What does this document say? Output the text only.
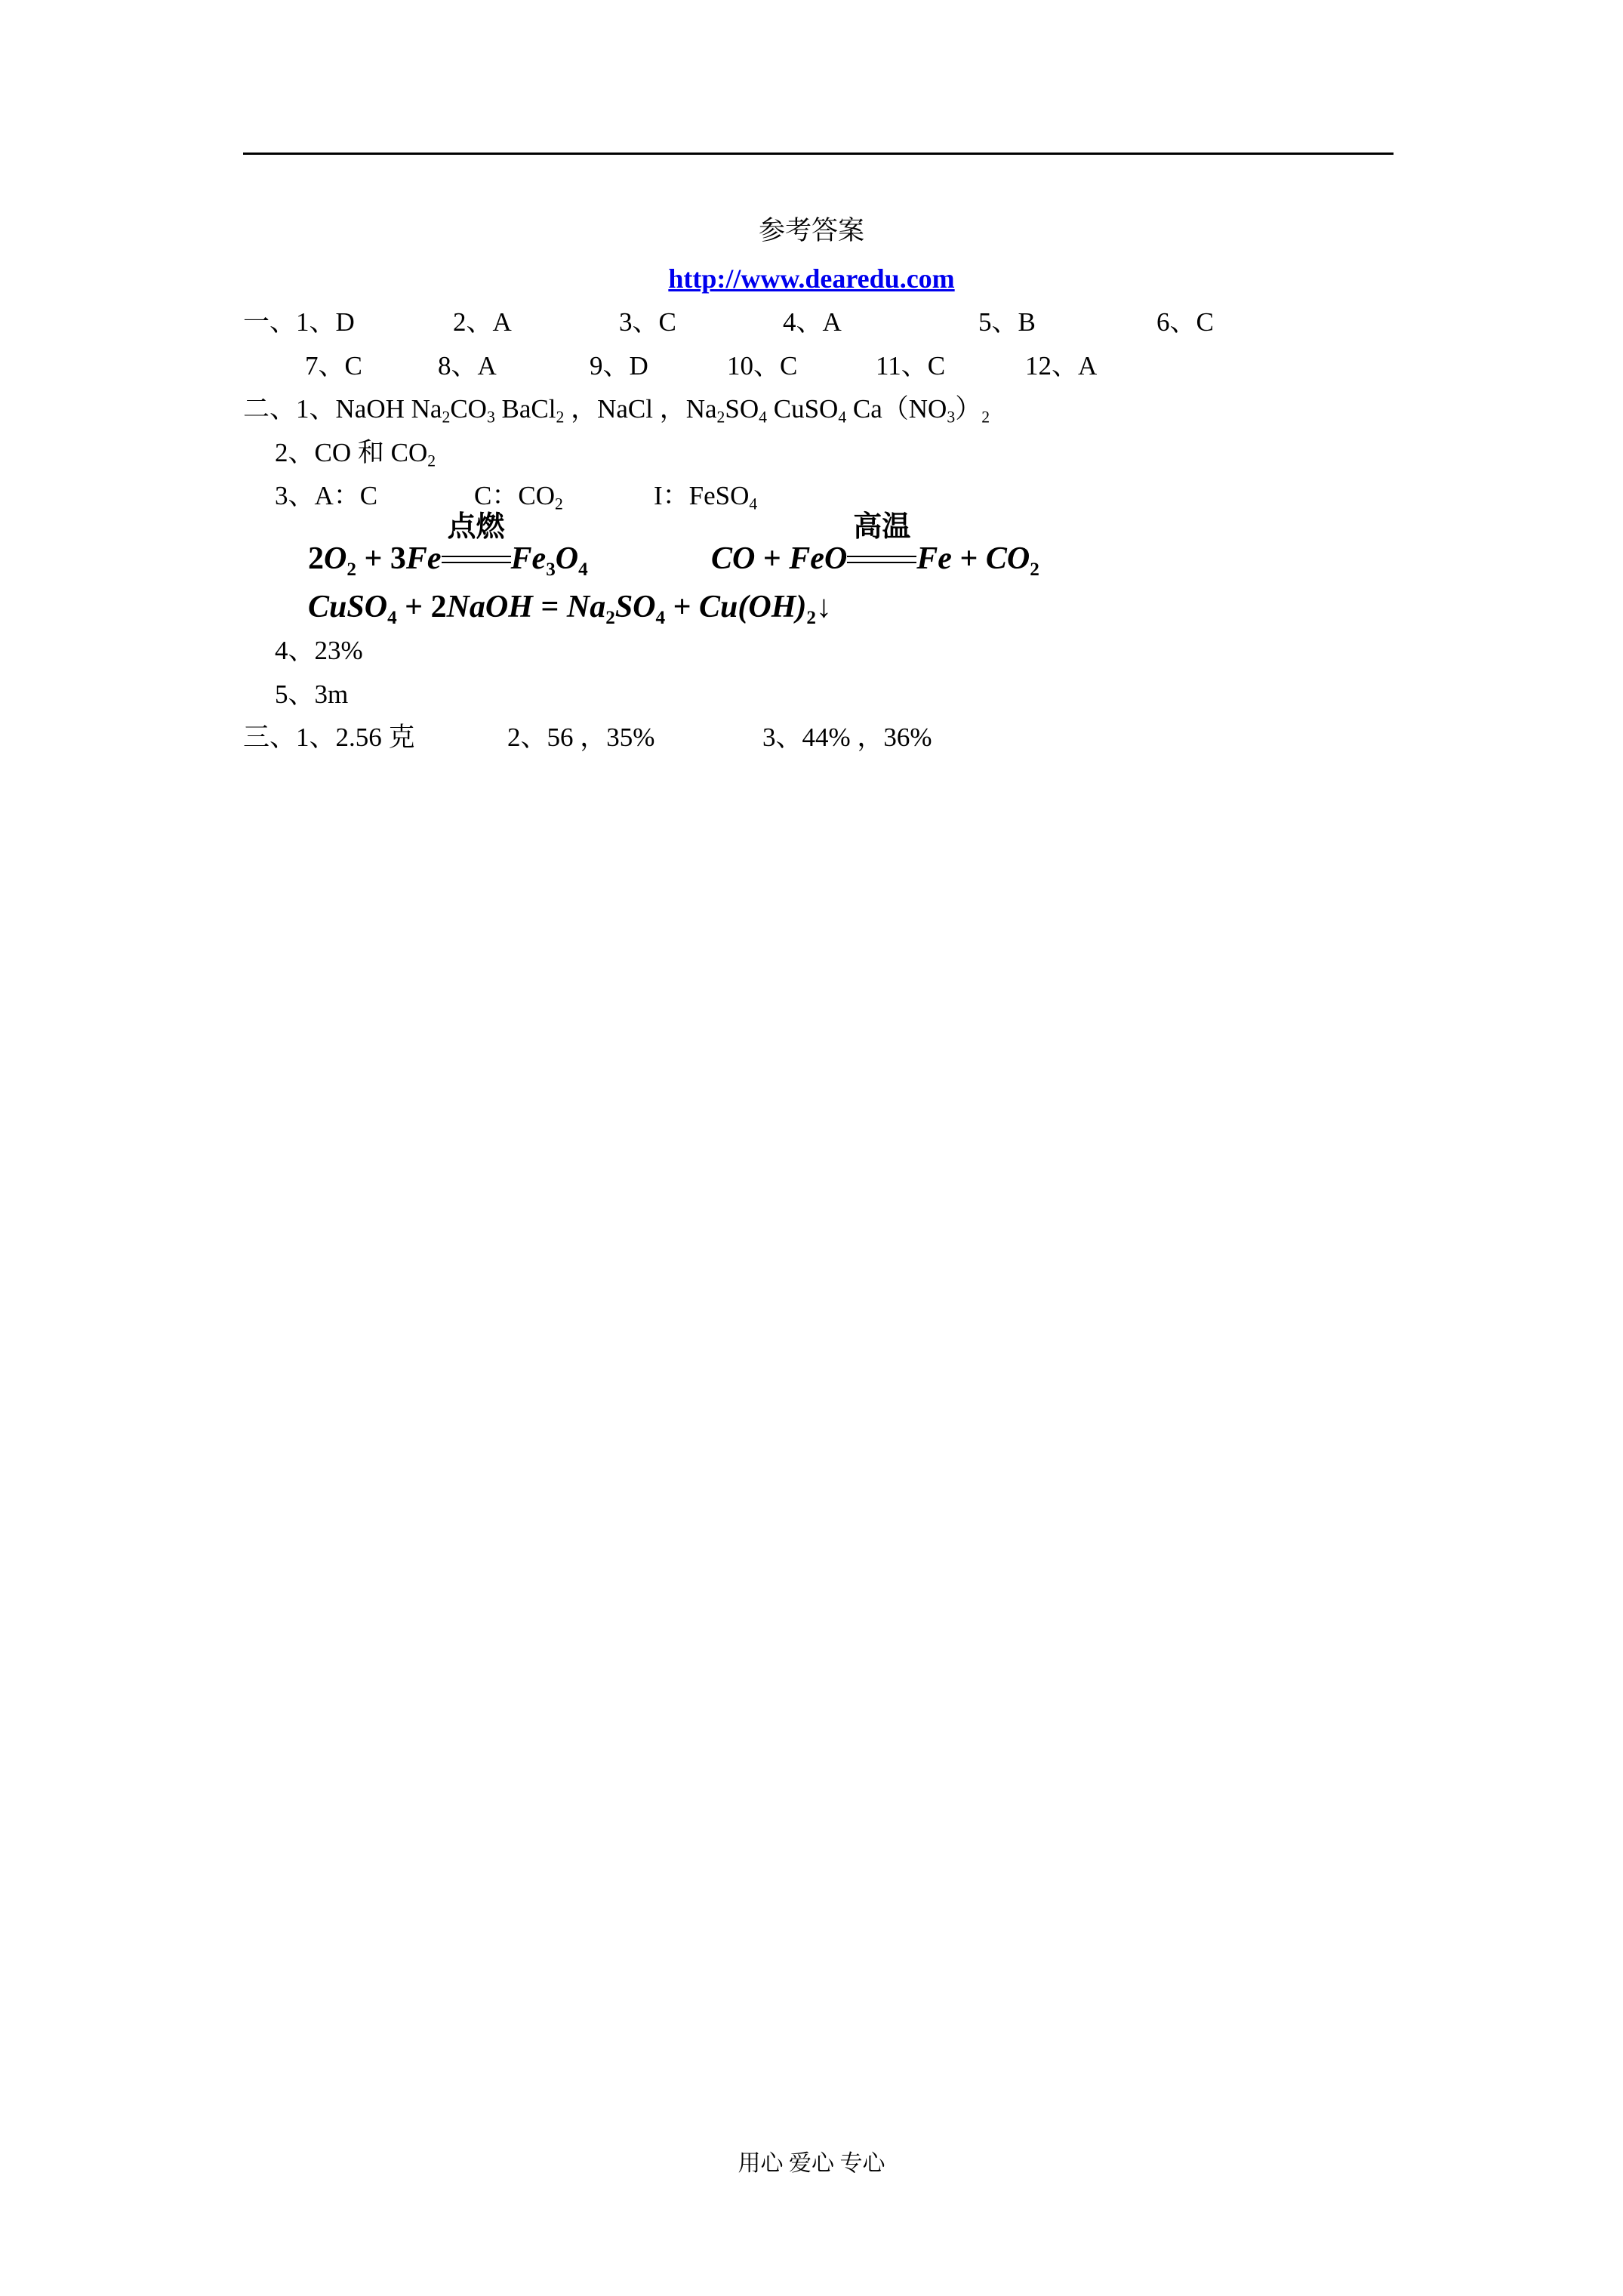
参考答案
http://www.dearedu.com
一、 1、D	2、A	3、C	4、A	5、B	6、C
7、C	8、A	9、D	10、C	11、C	12、A
二、1、NaOH $Na_2CO_3$ BaCl$_2$ ，NaCl ，$Na_2SO_4$ CuSO$_4$ $Ca(NO_3)_2$
2、CO 和 $CO_2$
3、A：C	C：$CO_2$	I：FeSO$_4$
$2O_2 + 3Fe$
点燃
$Fe_3O_4$	CO + FeO
高温
$Fe + CO_2$
CuSO$_4$ + 2NaOH = $Na_2SO_4$ + $Cu(OH)_2↓$
4、23%
5、3m
三、 1、2.56 克	2、56 ，35%	3、44% ，36%
用心 爱心 专心
